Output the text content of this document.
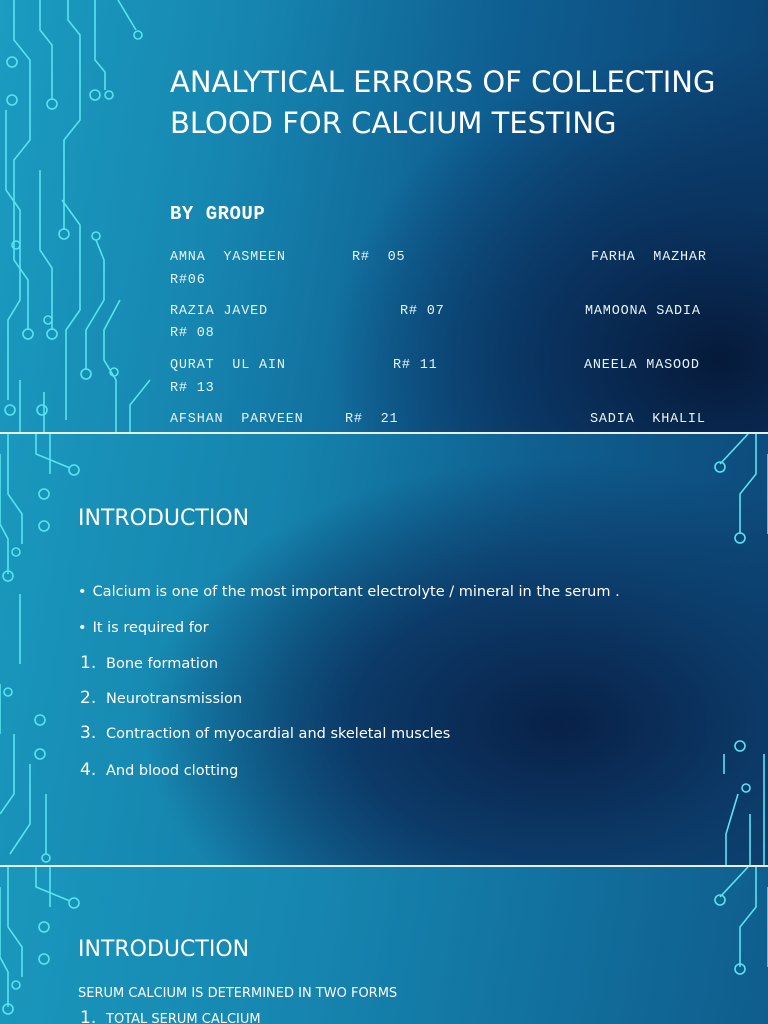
ANALYTICAL ERRORS OF COLLECTING BLOOD FOR CALCIUM TESTING
BY GROUP
AMNA  YASMEEN	R#  05	FARHA  MAZHAR
R#06
RAZIA JAVED	R# 07	MAMOONA SADIA
R# 08
QURAT  UL AIN	R# 11	ANEELA MASOOD
R# 13
AFSHAN  PARVEEN	R#  21	SADIA  KHALIL
INTRODUCTION
• Calcium is one of the most important electrolyte / mineral in the serum .
• It is required for
1. Bone formation
2. Neurotransmission
3. Contraction of myocardial and skeletal muscles
4. And blood clotting
INTRODUCTION
SERUM CALCIUM IS DETERMINED IN TWO FORMS
1. TOTAL SERUM CALCIUM
